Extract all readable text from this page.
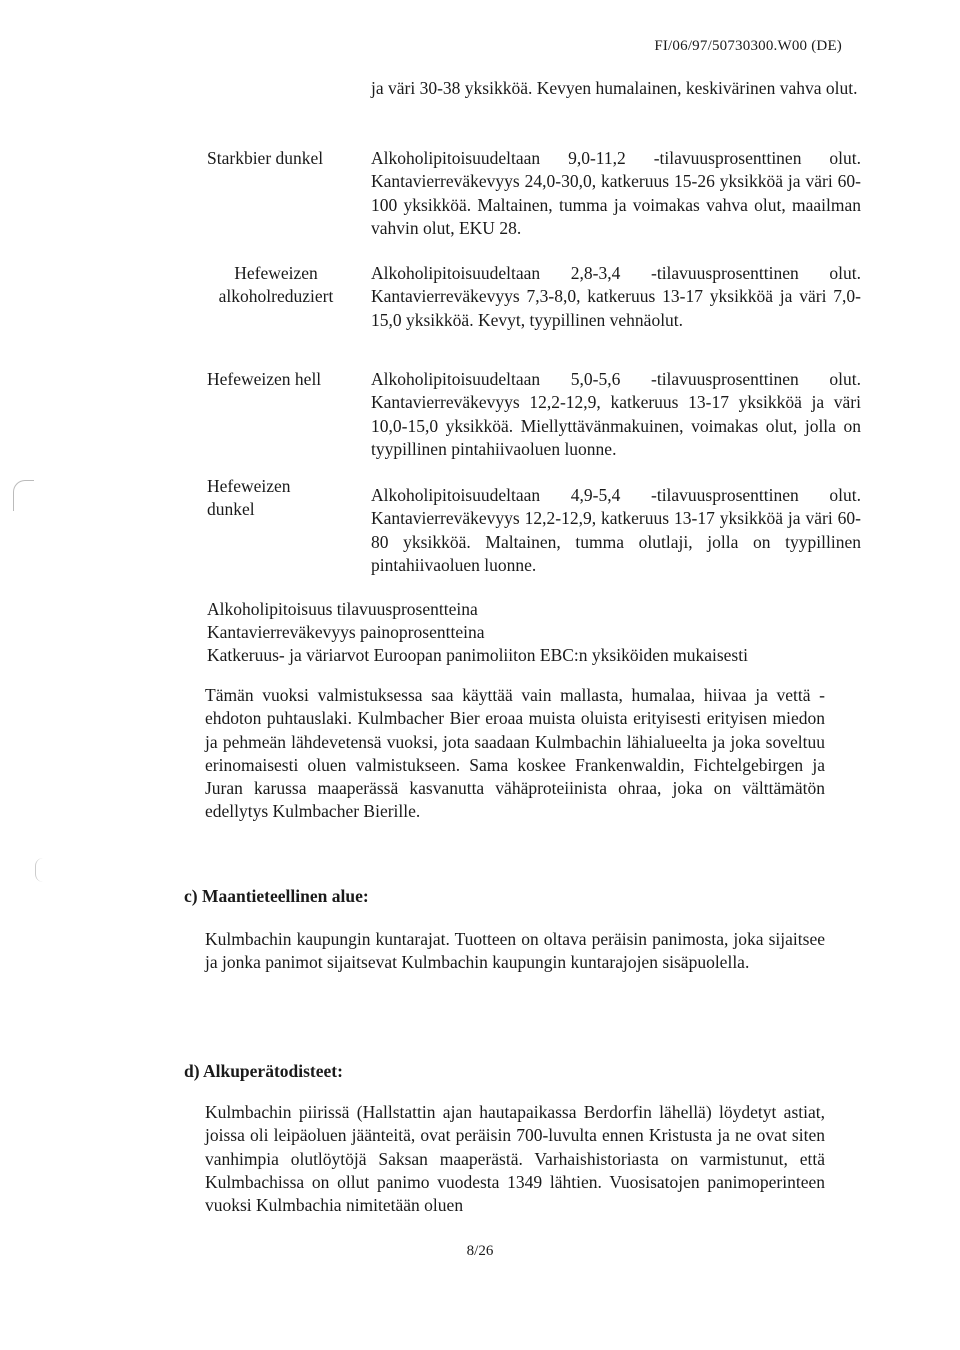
FI/06/97/50730300.W00 (DE)
ja väri 30-38 yksikköä. Kevyen humalainen, keskivärinen vahva olut.
Starkbier dunkel	Alkoholipitoisuudeltaan 9,0-11,2 -tilavuusprosenttinen olut. Kantavierreväkevyys 24,0-30,0, katkeruus 15-26 yksikköä ja väri 60-100 yksikköä. Maltainen, tumma ja voimakas vahva olut, maailman vahvin olut, EKU 28.
Hefeweizen alkoholreduziert
Alkoholipitoisuudeltaan 2,8-3,4 -tilavuusprosenttinen olut. Kantavierreväkevyys 7,3-8,0, katkeruus 13-17 yksikköä ja väri 7,0-15,0 yksikköä. Kevyt, tyypillinen vehnäolut.
Hefeweizen hell	Alkoholipitoisuudeltaan 5,0-5,6 -tilavuusprosenttinen olut. Kantavierreväkevyys 12,2-12,9, katkeruus 13-17 yksikköä ja väri 10,0-15,0 yksikköä. Miellyttävänmakuinen, voimakas olut, jolla on tyypillinen pintahiivaoluen luonne.
Hefeweizen dunkel
Alkoholipitoisuudeltaan 4,9-5,4 -tilavuusprosenttinen olut. Kantavierreväkevyys 12,2-12,9, katkeruus 13-17 yksikköä ja väri 60-80 yksikköä. Maltainen, tumma olutlaji, jolla on tyypillinen pintahiivaoluen luonne.
Alkoholipitoisuus tilavuusprosentteina
Kantavierreväkevyys painoprosentteina
Katkeruus- ja väriarvot Euroopan panimoliiton EBC:n yksiköiden mukaisesti
Tämän vuoksi valmistuksessa saa käyttää vain mallasta, humalaa, hiivaa ja vettä - ehdoton puhtauslaki. Kulmbacher Bier eroaa muista oluista erityisesti erityisen miedon ja pehmeän lähdevetensä vuoksi, jota saadaan Kulmbachin lähialueelta ja joka soveltuu erinomaisesti oluen valmistukseen. Sama koskee Frankenwaldin, Fichtelgebirgen ja Juran karussa maaperässä kasvanutta vähäproteiinista ohraa, joka on välttämätön edellytys Kulmbacher Bierille.
c) Maantieteellinen alue:
Kulmbachin kaupungin kuntarajat. Tuotteen on oltava peräisin panimosta, joka sijaitsee ja jonka panimot sijaitsevat Kulmbachin kaupungin kuntarajojen sisäpuolella.
d) Alkuperätodisteet:
Kulmbachin piirissä (Hallstattin ajan hautapaikassa Berdorfin lähellä) löydetyt astiat, joissa oli leipäoluen jäänteitä, ovat peräisin 700-luvulta ennen Kristusta ja ne ovat siten vanhimpia olutlöytöjä Saksan maaperästä. Varhaishistoriasta on varmistunut, että Kulmbachissa on ollut panimo vuodesta 1349 lähtien. Vuosisatojen panimoperinteen vuoksi Kulmbachia nimitetään oluen
8/26
